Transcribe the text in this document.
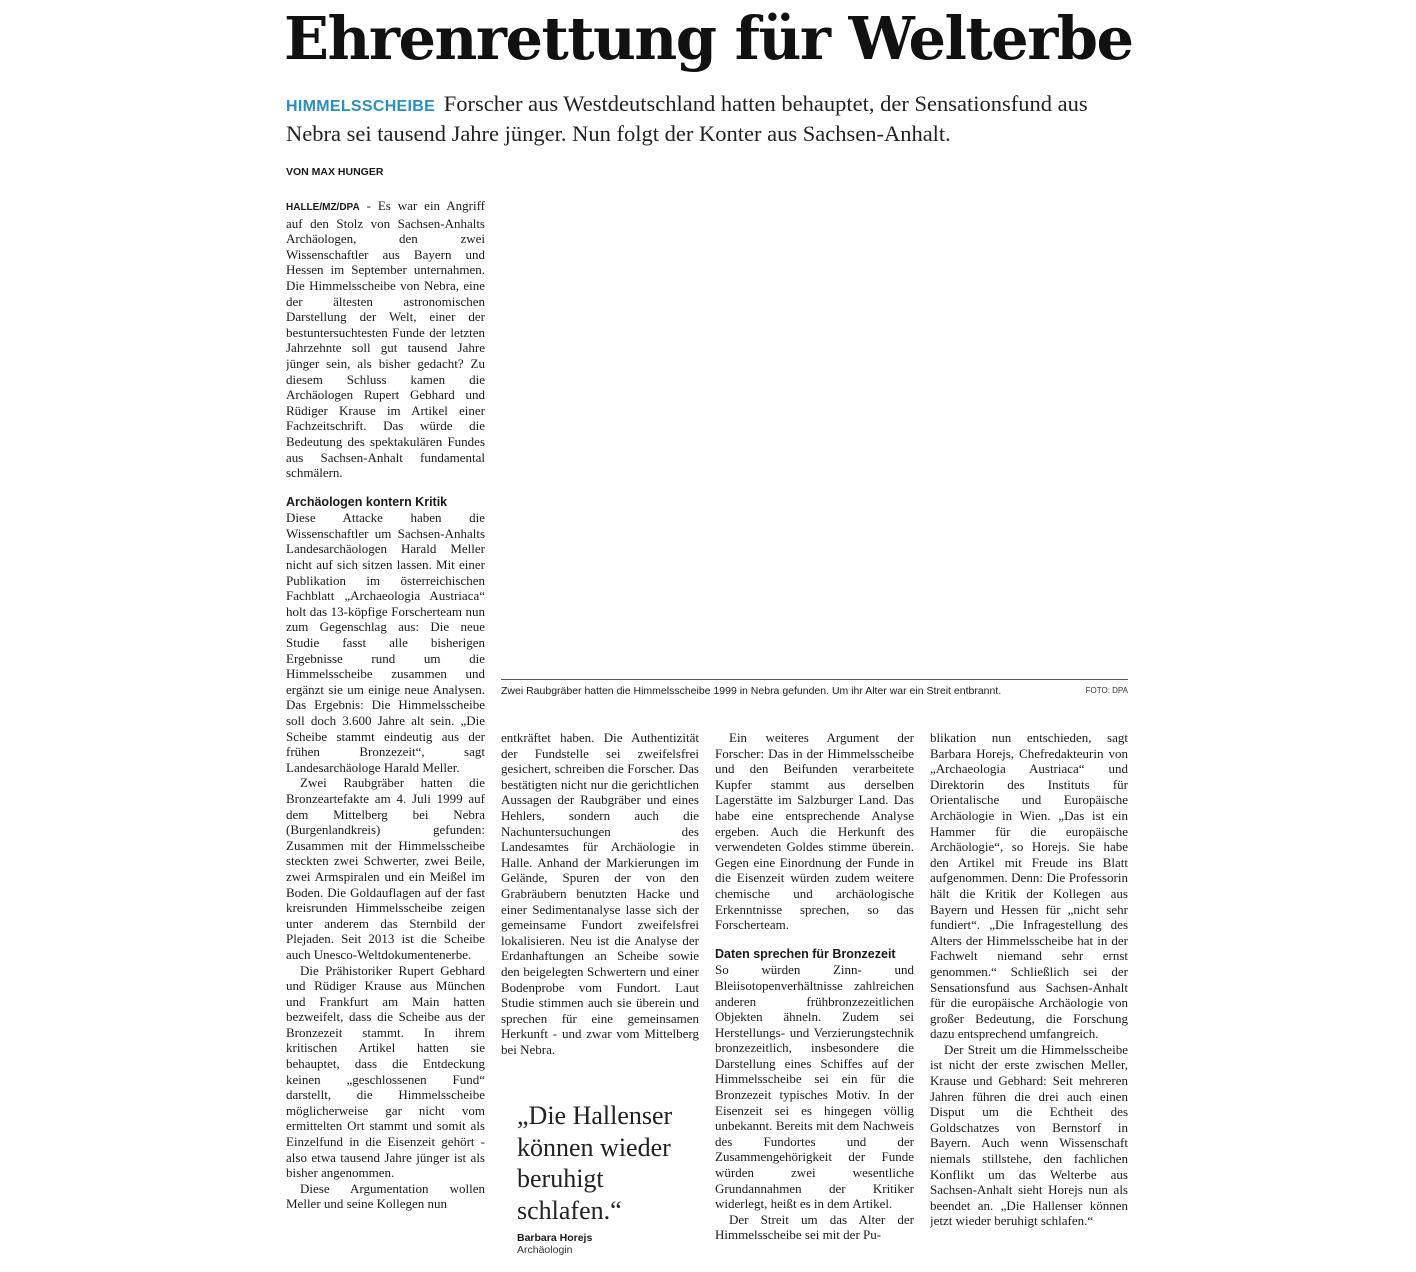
Ehrenrettung für Welterbe
HIMMELSSCHEIBE Forscher aus Westdeutschland hatten behauptet, der Sensationsfund aus Nebra sei tausend Jahre jünger. Nun folgt der Konter aus Sachsen-Anhalt.
VON MAX HUNGER

HALLE/MZ/DPA - Es war ein Angriff auf den Stolz von Sachsen-Anhalts Archäologen, den zwei Wissenschaftler aus Bayern und Hessen im September unternahmen. Die Himmelsscheibe von Nebra, eine der ältesten astronomischen Darstellung der Welt, einer der bestuntersuchtesten Funde der letzten Jahrzehnte soll gut tausend Jahre jünger sein, als bisher gedacht? Zu diesem Schluss kamen die Archäologen Rupert Gebhard und Rüdiger Krause im Artikel einer Fachzeitschrift. Das würde die Bedeutung des spektakulären Fundes aus Sachsen-Anhalt fundamental schmälern.

Archäologen kontern Kritik

Diese Attacke haben die Wissenschaftler um Sachsen-Anhalts Landesarchäologen Harald Meller nicht auf sich sitzen lassen. Mit einer Publikation im österreichischen Fachblatt „Archaeologia Austriaca“ holt das 13-köpfige Forscherteam nun zum Gegenschlag aus: Die neue Studie fasst alle bisherigen Ergebnisse rund um die Himmelsscheibe zusammen und ergänzt sie um einige neue Analysen. Das Ergebnis: Die Himmelsscheibe soll doch 3.600 Jahre alt sein. „Die Scheibe stammt eindeutig aus der frühen Bronzezeit“, sagt Landesarchäologe Harald Meller.

Zwei Raubgräber hatten die Bronzeartefakte am 4. Juli 1999 auf dem Mittelberg bei Nebra (Burgenlandkreis) gefunden: Zusammen mit der Himmelsscheibe steckten zwei Schwerter, zwei Beile, zwei Armspiralen und ein Meißel im Boden. Die Goldauflagen auf der fast kreisrunden Himmelsscheibe zeigen unter anderem das Sternbild der Plejaden. Seit 2013 ist die Scheibe auch Unesco-Weltdokumentenerbe.

Die Prähistoriker Rupert Gebhard und Rüdiger Krause aus München und Frankfurt am Main hatten bezweifelt, dass die Scheibe aus der Bronzezeit stammt. In ihrem kritischen Artikel hatten sie behauptet, dass die Entdeckung keinen „geschlossenen Fund“ darstellt, die Himmelsscheibe möglicherweise gar nicht vom ermittelten Ort stammt und somit als Einzelfund in die Eisenzeit gehört - also etwa tausend Jahre jünger ist als bisher angenommen.

Diese Argumentation wollen Meller und seine Kollegen nun

Zwei Raubgräber hatten die Himmelsscheibe 1999 in Nebra gefunden. Um ihr Alter war ein Streit entbrannt.	FOTO: DPA

entkräftet haben. Die Authentizität der Fundstelle sei zweifelsfrei gesichert, schreiben die Forscher. Das bestätigten nicht nur die gerichtlichen Aussagen der Raubgräber und eines Hehlers, sondern auch die Nachuntersuchungen des Landesamtes für Archäologie in Halle. Anhand der Markierungen im Gelände, Spuren der von den Grabräubern benutzten Hacke und einer Sedimentanalyse lasse sich der gemeinsame Fundort zweifelsfrei lokalisieren. Neu ist die Analyse der Erdanhaftungen an Scheibe sowie den beigelegten Schwertern und einer Bodenprobe vom Fundort. Laut Studie stimmen auch sie überein und sprechen für eine gemeinsamen Herkunft - und zwar vom Mittelberg bei Nebra.

„Die Hallenser können wieder beruhigt schlafen.“
Barbara Horejs
Archäologin

Ein weiteres Argument der Forscher: Das in der Himmelsscheibe und den Beifunden verarbeitete Kupfer stammt aus derselben Lagerstätte im Salzburger Land. Das habe eine entsprechende Analyse ergeben. Auch die Herkunft des verwendeten Goldes stimme überein. Gegen eine Einordnung der Funde in die Eisenzeit würden zudem weitere chemische und archäologische Erkenntnisse sprechen, so das Forscherteam.

Daten sprechen für Bronzezeit

So würden Zinn- und Bleiisotopenverhältnisse zahlreichen anderen frühbronzezeitlichen Objekten ähneln. Zudem sei Herstellungs- und Verzierungstechnik bronzezeitlich, insbesondere die Darstellung eines Schiffes auf der Himmelsscheibe sei ein für die Bronzezeit typisches Motiv. In der Eisenzeit sei es hingegen völlig unbekannt. Bereits mit dem Nachweis des Fundortes und der Zusammengehörigkeit der Funde würden zwei wesentliche Grundannahmen der Kritiker widerlegt, heißt es in dem Artikel.

Der Streit um das Alter der Himmelsscheibe sei mit der Pu-

blikation nun entschieden, sagt Barbara Horejs, Chefredakteurin von „Archaeologia Austriaca“ und Direktorin des Instituts für Orientalische und Europäische Archäologie in Wien. „Das ist ein Hammer für die europäische Archäologie“, so Horejs. Sie habe den Artikel mit Freude ins Blatt aufgenommen. Denn: Die Professorin hält die Kritik der Kollegen aus Bayern und Hessen für „nicht sehr fundiert“. „Die Infragestellung des Alters der Himmelsscheibe hat in der Fachwelt niemand sehr ernst genommen.“ Schließlich sei der Sensationsfund aus Sachsen-Anhalt für die europäische Archäologie von großer Bedeutung, die Forschung dazu entsprechend umfangreich.

Der Streit um die Himmelsscheibe ist nicht der erste zwischen Meller, Krause und Gebhard: Seit mehreren Jahren führen die drei auch einen Disput um die Echtheit des Goldschatzes von Bernstorf in Bayern. Auch wenn Wissenschaft niemals stillstehe, den fachlichen Konflikt um das Welterbe aus Sachsen-Anhalt sieht Horejs nun als beendet an. „Die Hallenser können jetzt wieder beruhigt schlafen.“
